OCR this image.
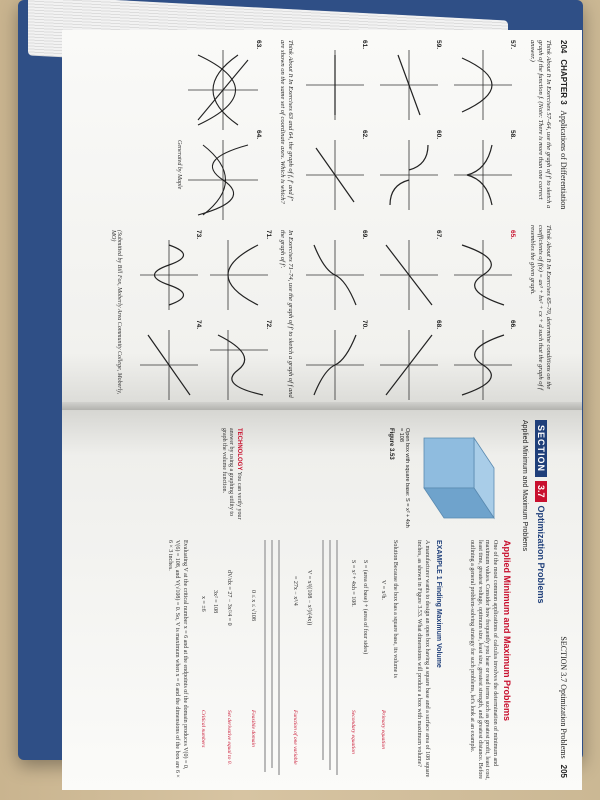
204   CHAPTER 3   Applications of Differentiation
Think About It In Exercises 57–64, use the graph of f' to sketch a graph of the function f. (Note: There is more than one correct answer.)
Think About It In Exercises 65–70, determine conditions on the coefficients of f(x) = ax³ + bx² + cx + d such that the graph of f resembles the given graph.
57.
58.
59.
60.
61.
62.
Think About It In Exercises 63 and 64, the graph of f, f' and f'' are shown on the same set of coordinate axes. Which is which?
63.
64.
Generated by Maple
65.
66.
67.
68.
69.
70.
In Exercises 71–74, use the graph of f' to sketch a graph of f and the graph of f'.
71.
72.
73.
74.
(Submitted by Bill Fox, Moberly Area Community College, Moberly, MO)
SECTION 3.7 Optimization Problems   205
SECTION
3.7
Optimization Problems
Applied Minimum and Maximum Problems
Applied Minimum and Maximum Problems
One of the most common applications of calculus involves the determination of minimum and maximum values. Consider how frequently you hear or read terms such as greatest profit, least cost, least time, greatest voltage, optimum size, least size, greatest strength, and greatest distance. Before outlining a general problem-solving strategy for such problems, let's look at an example.
EXAMPLE 1 Finding Maximum Volume
A manufacturer wants to design an open box having a square base and a surface area of 108 square inches, as shown in Figure 3.53. What dimensions will produce a box with maximum volume?
Open box with square base: S = x² + 4xh = 108
Figure 3.53
Solution Because the box has a square base, its volume is
V = x²h.
Primary equation
S = (area of base) + (area of four sides)
S = x² + 4xh = 108.
Secondary equation
V = x²((108 − x²)/(4x))
= 27x − x³/4
Function of one variable
0 ≤ x ≤ √108
Feasible domain
dV/dx = 27 − 3x²/4 = 0
Set derivative equal to 0.
3x² = 108
x = ±6
Critical numbers
Evaluating V at the critical number x = 6 and at the endpoints of the domain produces V(0) = 0, V(6) = 108, and V(√108) = 0. So, V is maximum when x = 6 and the dimensions of the box are 6 × 6 × 3 inches.
TECHNOLOGY You can verify your answer by using a graphing utility to graph the volume function.
